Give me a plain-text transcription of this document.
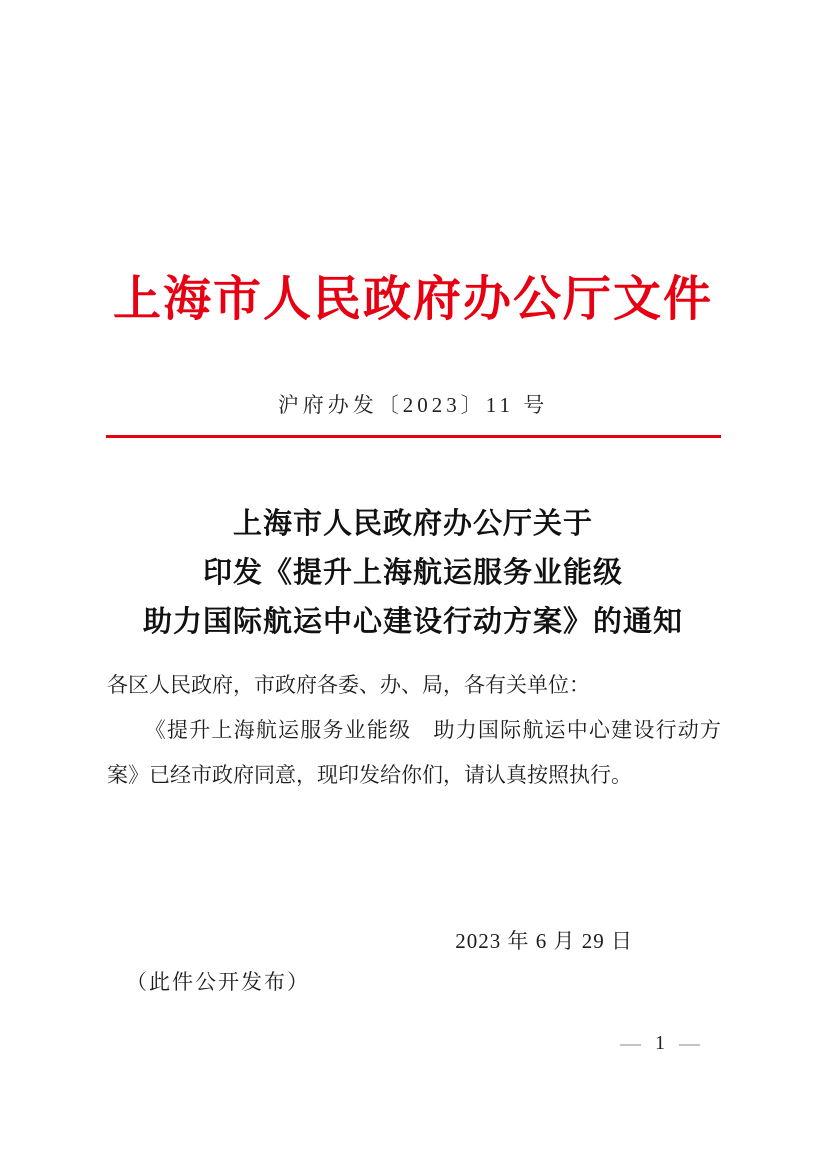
上海市人民政府办公厅文件
沪府办发〔2023〕11 号
上海市人民政府办公厅关于
印发《提升上海航运服务业能级
助力国际航运中心建设行动方案》的通知

各区人民政府，市政府各委、办、局，各有关单位：

《提升上海航运服务业能级　助力国际航运中心建设行动方案》已经市政府同意，现印发给你们，请认真按照执行。

2023 年 6 月 29 日
（此件公开发布）
— 1 —
